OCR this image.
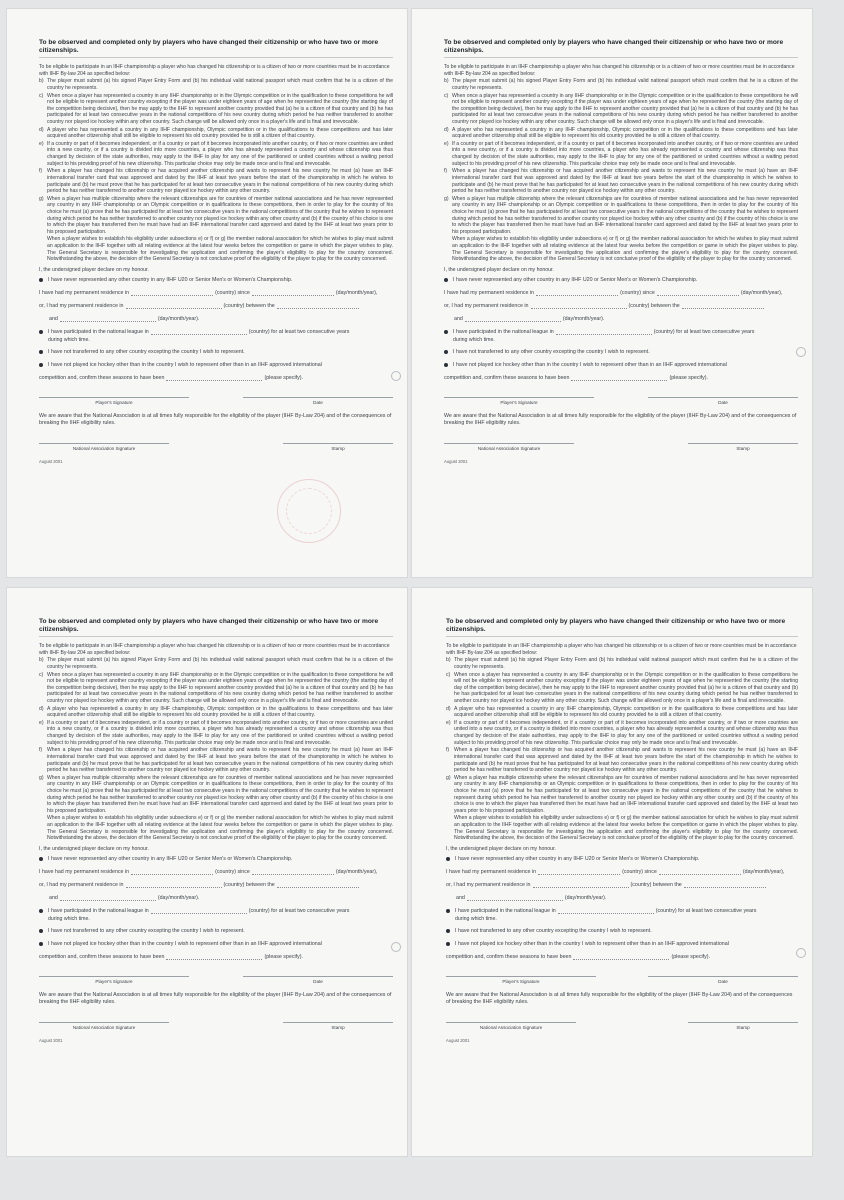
To be observed and completed only by players who have changed their citizenship or who have two or more citizenships.

To be eligible to participate in an IIHF championship a player who has changed his citizenship or is a citizen of two or more countries must be in accordance with IIHF By-law 204 as specified below:

b) The player must submit (a) his signed Player Entry Form and (b) his individual valid national passport which must confirm that he is a citizen of the country he represents.
c) When once a player has represented a country in any IIHF championship or in the Olympic competition or in the qualification to these competitions he will not be eligible to represent another country excepting if the player was under eighteen years of age when he represented the country (the starting day of the competition being decisive), then he may apply to the IIHF to represent another country provided that (a) he is a citizen of that country and (b) he has participated for at least two consecutive years in the national competitions of his new country during which period he has neither transferred to another country nor played ice hockey within any other country. Such change will be allowed only once in a player's life and is final and irrevocable.
d) A player who has represented a country in any IIHF championship, Olympic competition or in the qualifications to these competitions and has later acquired another citizenship shall still be eligible to represent his old country provided he is still a citizen of that country.
e) If a country or part of it becomes independent, or if a country or part of it becomes incorporated into another country, or if two or more countries are united into a new country, or if a country is divided into more countries, a player who has already represented a country and whose citizenship was thus changed by decision of the state authorities, may apply to the IIHF to play for any one of the partitioned or united countries without a waiting period subject to his providing proof of his new citizenship. This particular choice may only be made once and is final and irrevocable.
f) When a player has changed his citizenship or has acquired another citizenship and wants to represent his new country he must (a) have an IIHF international transfer card that was approved and dated by the IIHF at least two years before the start of the championship in which he wishes to participate and (b) he must prove that he has participated for at least two consecutive years in the national competitions of his new country during which period he has neither transferred to another country nor played ice hockey within any other country.
g) When a player has multiple citizenship where the relevant citizenships are for countries of member national associations and he has never represented any country in any IIHF championship or an Olympic competition or in qualifications to these competitions, then in order to play for the country of his choice he must (a) prove that he has participated for at least two consecutive years in the national competitions of the country that he wishes to represent during which period he has neither transferred to another country nor played ice hockey within any other country and (b) if the country of his choice is one to which the player has transferred then he must have had an IIHF international transfer card approved and dated by the IIHF at least two years prior to his proposed participation.

When a player wishes to establish his eligibility under subsections e) or f) or g) the member national association for which he wishes to play must submit an application to the IIHF together with all relating evidence at the latest four weeks before the competition or game in which the player wishes to play. The General Secretary is responsible for investigating the application and confirming the player's eligibility to play for the country concerned. Notwithstanding the above, the decision of the General Secretary is not conclusive proof of the eligibility of the player to play for the country concerned.

I, the undersigned player declare on my honour.
I have never represented any other country in any IIHF U20 or Senior Men's or Women's Championship.
I have had my permanent residence in	(country) since	(day/month/year),
or, I had my permanent residence in	(country) between the
and	(day/month/year).
I have participated in the national league in	(country) for at least two consecutive years
during which time.
I have not transferred to any other country excepting the country I wish to represent.
I have not played ice hockey other than in the country I wish to represent other than in an IIHF approved international
competition and, confirm these seasons to have been	(please specify).
Player's Signature	Date

We are aware that the National Association is at all times fully responsible for the eligibility of the player (IIHF By-Law 204) and of the consequences of breaking the IIHF eligibility rules.

National Association Signature	Stamp
August 2001
To be observed and completed only by players who have changed their citizenship or who have two or more citizenships.

To be eligible to participate in an IIHF championship a player who has changed his citizenship or is a citizen of two or more countries must be in accordance with IIHF By-law 204 as specified below:

b) The player must submit (a) his signed Player Entry Form and (b) his individual valid national passport which must confirm that he is a citizen of the country he represents.
c) When once a player has represented a country in any IIHF championship or in the Olympic competition or in the qualification to these competitions he will not be eligible to represent another country excepting if the player was under eighteen years of age when he represented the country (the starting day of the competition being decisive), then he may apply to the IIHF to represent another country provided that (a) he is a citizen of that country and (b) he has participated for at least two consecutive years in the national competitions of his new country during which period he has neither transferred to another country nor played ice hockey within any other country. Such change will be allowed only once in a player's life and is final and irrevocable.
d) A player who has represented a country in any IIHF championship, Olympic competition or in the qualifications to these competitions and has later acquired another citizenship shall still be eligible to represent his old country provided he is still a citizen of that country.
e) If a country or part of it becomes independent, or if a country or part of it becomes incorporated into another country, or if two or more countries are united into a new country, or if a country is divided into more countries, a player who has already represented a country and whose citizenship was thus changed by decision of the state authorities, may apply to the IIHF to play for any one of the partitioned or united countries without a waiting period subject to his providing proof of his new citizenship. This particular choice may only be made once and is final and irrevocable.
f) When a player has changed his citizenship or has acquired another citizenship and wants to represent his new country he must (a) have an IIHF international transfer card that was approved and dated by the IIHF at least two years before the start of the championship in which he wishes to participate and (b) he must prove that he has participated for at least two consecutive years in the national competitions of his new country during which period he has neither transferred to another country nor played ice hockey within any other country.
g) When a player has multiple citizenship where the relevant citizenships are for countries of member national associations and he has never represented any country in any IIHF championship or an Olympic competition or in qualifications to these competitions, then in order to play for the country of his choice he must (a) prove that he has participated for at least two consecutive years in the national competitions of the country that he wishes to represent during which period he has neither transferred to another country nor played ice hockey within any other country and (b) if the country of his choice is one to which the player has transferred then he must have had an IIHF international transfer card approved and dated by the IIHF at least two years prior to his proposed participation.

When a player wishes to establish his eligibility under subsections e) or f) or g) the member national association for which he wishes to play must submit an application to the IIHF together with all relating evidence at the latest four weeks before the competition or game in which the player wishes to play. The General Secretary is responsible for investigating the application and confirming the player's eligibility to play for the country concerned. Notwithstanding the above, the decision of the General Secretary is not conclusive proof of the eligibility of the player to play for the country concerned.

I, the undersigned player declare on my honour.
I have never represented any other country in any IIHF U20 or Senior Men's or Women's Championship.
I have had my permanent residence in	(country) since	(day/month/year),
or, I had my permanent residence in	(country) between the
and	(day/month/year).
I have participated in the national league in	(country) for at least two consecutive years
during which time.
I have not transferred to any other country excepting the country I wish to represent.
I have not played ice hockey other than in the country I wish to represent other than in an IIHF approved international
competition and, confirm these seasons to have been	(please specify).
Player's Signature	Date

We are aware that the National Association is at all times fully responsible for the eligibility of the player (IIHF By-Law 204) and of the consequences of breaking the IIHF eligibility rules.

National Association Signature	Stamp
August 2001
To be observed and completed only by players who have changed their citizenship or who have two or more citizenships.

To be eligible to participate in an IIHF championship a player who has changed his citizenship or is a citizen of two or more countries must be in accordance with IIHF By-law 204 as specified below:

b) The player must submit (a) his signed Player Entry Form and (b) his individual valid national passport which must confirm that he is a citizen of the country he represents.
c) When once a player has represented a country in any IIHF championship or in the Olympic competition or in the qualification to these competitions he will not be eligible to represent another country excepting if the player was under eighteen years of age when he represented the country (the starting day of the competition being decisive), then he may apply to the IIHF to represent another country provided that (a) he is a citizen of that country and (b) he has participated for at least two consecutive years in the national competitions of his new country during which period he has neither transferred to another country nor played ice hockey within any other country. Such change will be allowed only once in a player's life and is final and irrevocable.
d) A player who has represented a country in any IIHF championship, Olympic competition or in the qualifications to these competitions and has later acquired another citizenship shall still be eligible to represent his old country provided he is still a citizen of that country.
e) If a country or part of it becomes independent, or if a country or part of it becomes incorporated into another country, or if two or more countries are united into a new country, or if a country is divided into more countries, a player who has already represented a country and whose citizenship was thus changed by decision of the state authorities, may apply to the IIHF to play for any one of the partitioned or united countries without a waiting period subject to his providing proof of his new citizenship. This particular choice may only be made once and is final and irrevocable.
f) When a player has changed his citizenship or has acquired another citizenship and wants to represent his new country he must (a) have an IIHF international transfer card that was approved and dated by the IIHF at least two years before the start of the championship in which he wishes to participate and (b) he must prove that he has participated for at least two consecutive years in the national competitions of his new country during which period he has neither transferred to another country nor played ice hockey within any other country.
g) When a player has multiple citizenship where the relevant citizenships are for countries of member national associations and he has never represented any country in any IIHF championship or an Olympic competition or in qualifications to these competitions, then in order to play for the country of his choice he must (a) prove that he has participated for at least two consecutive years in the national competitions of the country that he wishes to represent during which period he has neither transferred to another country nor played ice hockey within any other country and (b) if the country of his choice is one to which the player has transferred then he must have had an IIHF international transfer card approved and dated by the IIHF at least two years prior to his proposed participation.

When a player wishes to establish his eligibility under subsections e) or f) or g) the member national association for which he wishes to play must submit an application to the IIHF together with all relating evidence at the latest four weeks before the competition or game in which the player wishes to play. The General Secretary is responsible for investigating the application and confirming the player's eligibility to play for the country concerned. Notwithstanding the above, the decision of the General Secretary is not conclusive proof of the eligibility of the player to play for the country concerned.

I, the undersigned player declare on my honour.
I have never represented any other country in any IIHF U20 or Senior Men's or Women's Championship.
I have had my permanent residence in	(country) since	(day/month/year),
or, I had my permanent residence in	(country) between the
and	(day/month/year).
I have participated in the national league in	(country) for at least two consecutive years
during which time.
I have not transferred to any other country excepting the country I wish to represent.
I have not played ice hockey other than in the country I wish to represent other than in an IIHF approved international
competition and, confirm these seasons to have been	(please specify).
Player's Signature	Date

We are aware that the National Association is at all times fully responsible for the eligibility of the player (IIHF By-Law 204) and of the consequences of breaking the IIHF eligibility rules.

National Association Signature	Stamp
August 2001
To be observed and completed only by players who have changed their citizenship or who have two or more citizenships.

To be eligible to participate in an IIHF championship a player who has changed his citizenship or is a citizen of two or more countries must be in accordance with IIHF By-law 204 as specified below:

b) The player must submit (a) his signed Player Entry Form and (b) his individual valid national passport which must confirm that he is a citizen of the country he represents.
c) When once a player has represented a country in any IIHF championship or in the Olympic competition or in the qualification to these competitions he will not be eligible to represent another country excepting if the player was under eighteen years of age when he represented the country (the starting day of the competition being decisive), then he may apply to the IIHF to represent another country provided that (a) he is a citizen of that country and (b) he has participated for at least two consecutive years in the national competitions of his new country during which period he has neither transferred to another country nor played ice hockey within any other country. Such change will be allowed only once in a player's life and is final and irrevocable.
d) A player who has represented a country in any IIHF championship, Olympic competition or in the qualifications to these competitions and has later acquired another citizenship shall still be eligible to represent his old country provided he is still a citizen of that country.
e) If a country or part of it becomes independent, or if a country or part of it becomes incorporated into another country, or if two or more countries are united into a new country, or if a country is divided into more countries, a player who has already represented a country and whose citizenship was thus changed by decision of the state authorities, may apply to the IIHF to play for any one of the partitioned or united countries without a waiting period subject to his providing proof of his new citizenship. This particular choice may only be made once and is final and irrevocable.
f) When a player has changed his citizenship or has acquired another citizenship and wants to represent his new country he must (a) have an IIHF international transfer card that was approved and dated by the IIHF at least two years before the start of the championship in which he wishes to participate and (b) he must prove that he has participated for at least two consecutive years in the national competitions of his new country during which period he has neither transferred to another country nor played ice hockey within any other country.
g) When a player has multiple citizenship where the relevant citizenships are for countries of member national associations and he has never represented any country in any IIHF championship or an Olympic competition or in qualifications to these competitions, then in order to play for the country of his choice he must (a) prove that he has participated for at least two consecutive years in the national competitions of the country that he wishes to represent during which period he has neither transferred to another country nor played ice hockey within any other country and (b) if the country of his choice is one to which the player has transferred then he must have had an IIHF international transfer card approved and dated by the IIHF at least two years prior to his proposed participation.

When a player wishes to establish his eligibility under subsections e) or f) or g) the member national association for which he wishes to play must submit an application to the IIHF together with all relating evidence at the latest four weeks before the competition or game in which the player wishes to play. The General Secretary is responsible for investigating the application and confirming the player's eligibility to play for the country concerned. Notwithstanding the above, the decision of the General Secretary is not conclusive proof of the eligibility of the player to play for the country concerned.

I, the undersigned player declare on my honour.
I have never represented any other country in any IIHF U20 or Senior Men's or Women's Championship.
I have had my permanent residence in	(country) since	(day/month/year),
or, I had my permanent residence in	(country) between the
and	(day/month/year).
I have participated in the national league in	(country) for at least two consecutive years
during which time.
I have not transferred to any other country excepting the country I wish to represent.
I have not played ice hockey other than in the country I wish to represent other than in an IIHF approved international
competition and, confirm these seasons to have been	(please specify).
Player's Signature	Date

We are aware that the National Association is at all times fully responsible for the eligibility of the player (IIHF By-Law 204) and of the consequences of breaking the IIHF eligibility rules.

National Association Signature	Stamp
August 2001
